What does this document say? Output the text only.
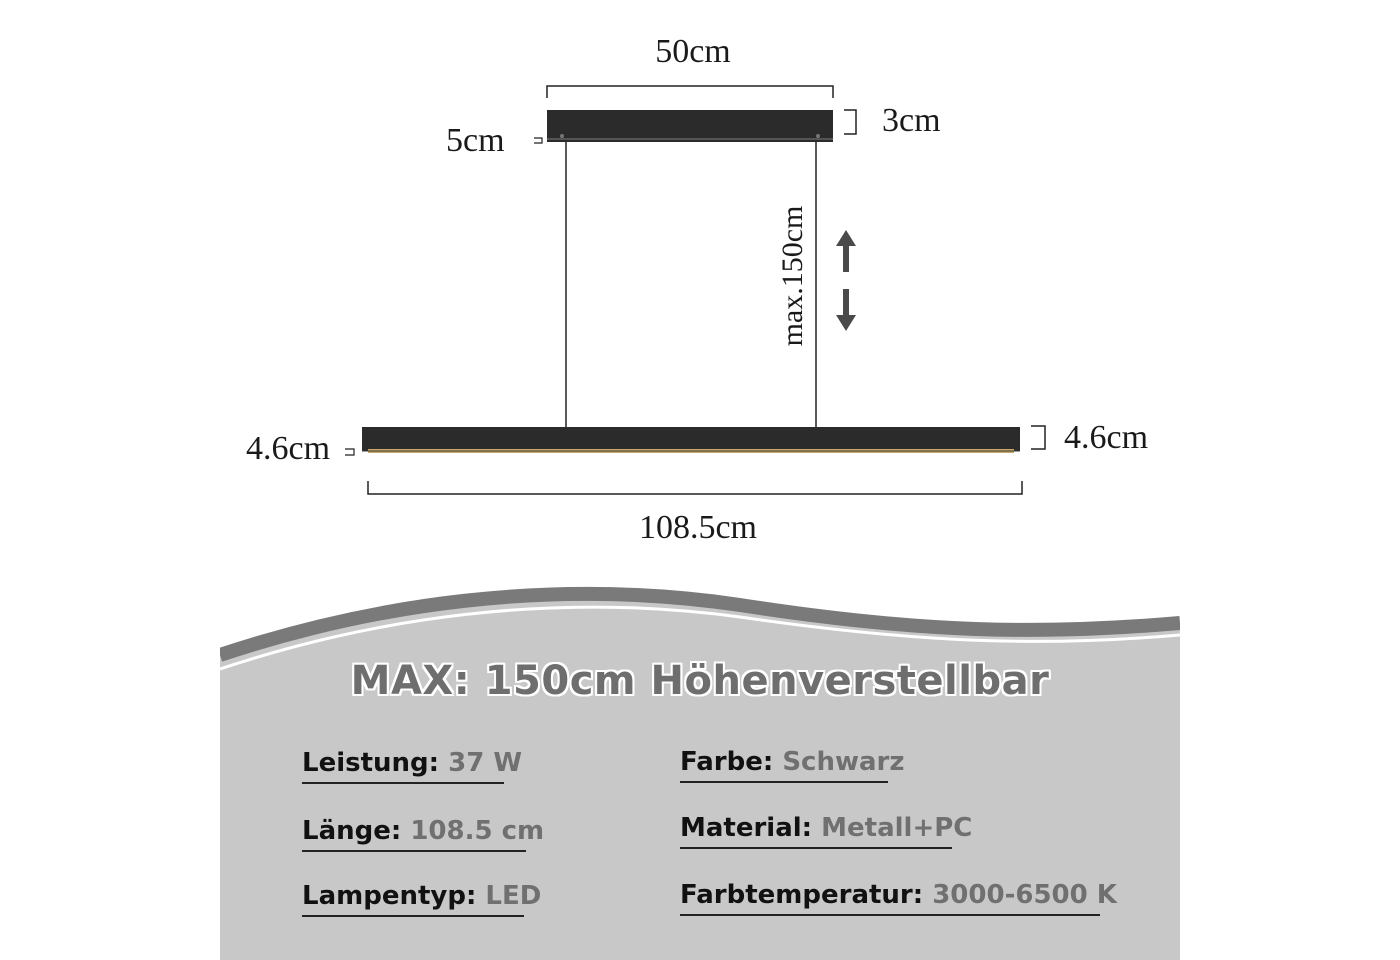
50cm
3cm
5cm
max.150cm
4.6cm
4.6cm
108.5cm
MAX: 150cm Höhenverstellbar
Leistung: 37 W
Länge: 108.5 cm
Lampentyp: LED
Farbe: Schwarz
Material: Metall+PC
Farbtemperatur: 3000-6500 K
